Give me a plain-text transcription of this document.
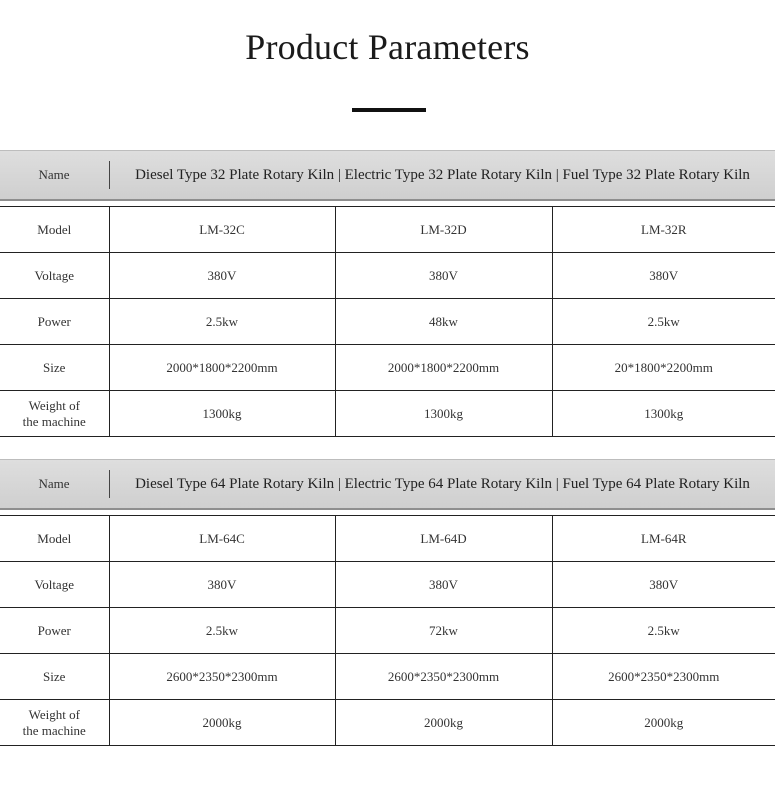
Product Parameters
Name	Diesel Type 32 Plate Rotary Kiln | Electric Type 32 Plate Rotary Kiln | Fuel Type 32 Plate Rotary Kiln
Model	LM-32C	LM-32D	LM-32R
Voltage	380V	380V	380V
Power	2.5kw	48kw	2.5kw
Size	2000*1800*2200mm	2000*1800*2200mm	20*1800*2200mm
Weight of
the machine	1300kg	1300kg	1300kg
Name	Diesel Type 64 Plate Rotary Kiln | Electric Type 64 Plate Rotary Kiln | Fuel Type 64 Plate Rotary Kiln
Model	LM-64C	LM-64D	LM-64R
Voltage	380V	380V	380V
Power	2.5kw	72kw	2.5kw
Size	2600*2350*2300mm	2600*2350*2300mm	2600*2350*2300mm
Weight of
the machine	2000kg	2000kg	2000kg
